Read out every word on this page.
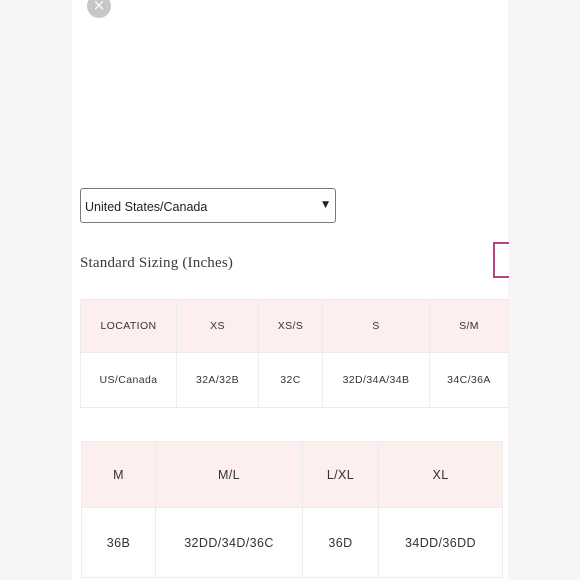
×
United States/Canada	▼
Standard Sizing (Inches)
LOCATION	XS	XS/S	S	S/M
US/Canada	32A/32B	32C	32D/34A/34B	34C/36A
M	M/L	L/XL	XL
36B	32DD/34D/36C	36D	34DD/36DD
